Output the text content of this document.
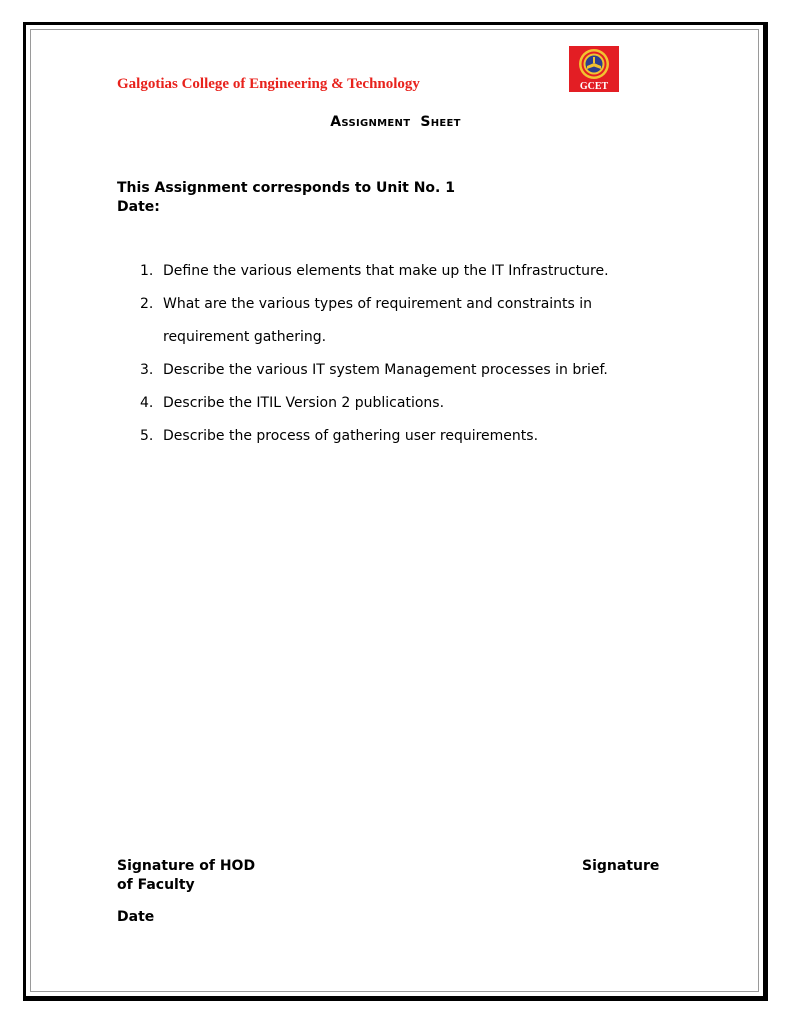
Galgotias College of Engineering & Technology	GCET
Assignment Sheet
This Assignment corresponds to Unit No. 1
Date:
1. Define the various elements that make up the IT Infrastructure.
2. What are the various types of requirement and constraints in
requirement gathering.
3. Describe the various IT system Management processes in brief.
4. Describe the ITIL Version 2 publications.
5. Describe the process of gathering user requirements.
Signature of HOD	Signature
of Faculty
Date
